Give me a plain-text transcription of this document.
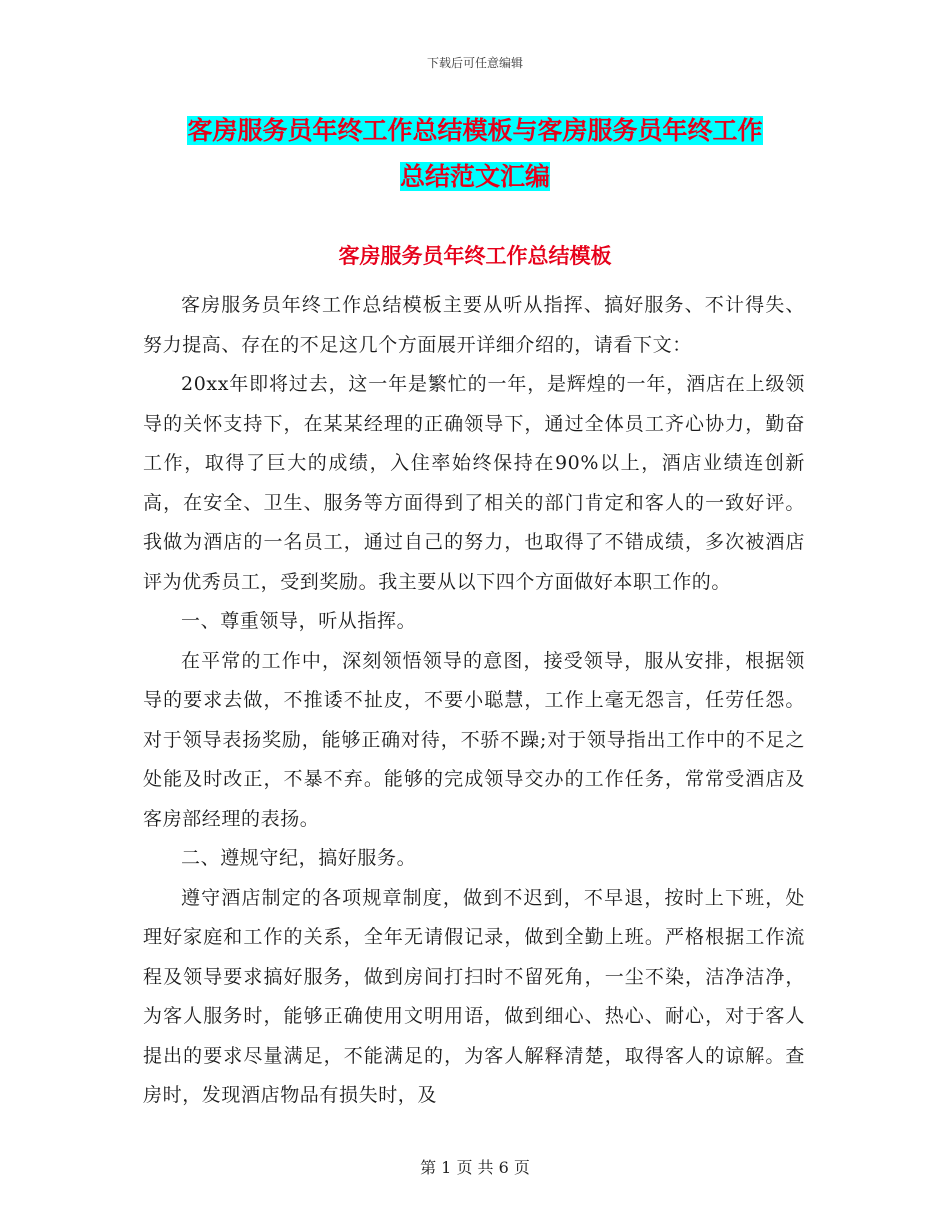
下载后可任意编辑
客房服务员年终工作总结模板与客房服务员年终工作
总结范文汇编
客房服务员年终工作总结模板

客房服务员年终工作总结模板主要从听从指挥、搞好服务、不计得失、努力提高、存在的不足这几个方面展开详细介绍的，请看下文：

20xx年即将过去，这一年是繁忙的一年，是辉煌的一年，酒店在上级领导的关怀支持下，在某某经理的正确领导下，通过全体员工齐心协力，勤奋工作，取得了巨大的成绩，入住率始终保持在90%以上，酒店业绩连创新高，在安全、卫生、服务等方面得到了相关的部门肯定和客人的一致好评。我做为酒店的一名员工，通过自己的努力，也取得了不错成绩，多次被酒店评为优秀员工，受到奖励。我主要从以下四个方面做好本职工作的。

一、尊重领导，听从指挥。

在平常的工作中，深刻领悟领导的意图，接受领导，服从安排，根据领导的要求去做，不推诿不扯皮，不要小聪慧，工作上毫无怨言，任劳任怨。对于领导表扬奖励，能够正确对待，不骄不躁;对于领导指出工作中的不足之处能及时改正，不暴不弃。能够的完成领导交办的工作任务，常常受酒店及客房部经理的表扬。

二、遵规守纪，搞好服务。

遵守酒店制定的各项规章制度，做到不迟到，不早退，按时上下班，处理好家庭和工作的关系，全年无请假记录，做到全勤上班。严格根据工作流程及领导要求搞好服务，做到房间打扫时不留死角，一尘不染，洁净洁净，为客人服务时，能够正确使用文明用语，做到细心、热心、耐心，对于客人提出的要求尽量满足，不能满足的，为客人解释清楚，取得客人的谅解。查房时，发现酒店物品有损失时，及

第 1 页 共 6 页
